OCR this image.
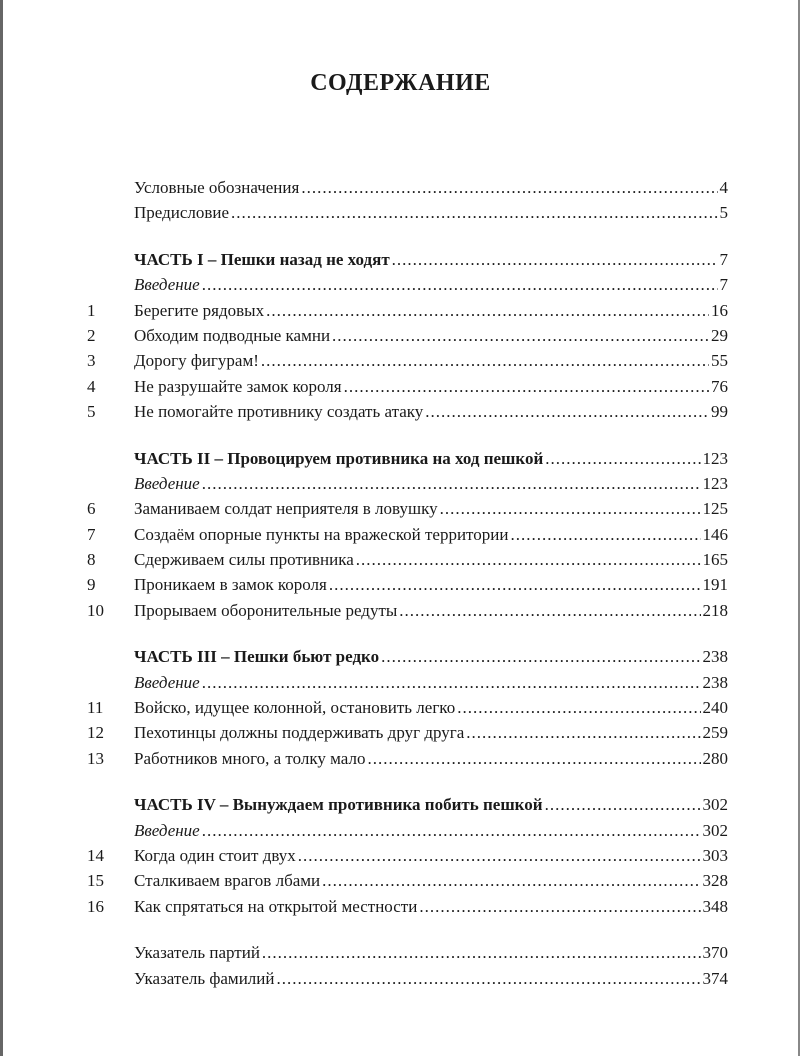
СОДЕРЖАНИЕ
Условные обозначения .....	4
Предисловие .....	5
ЧАСТЬ I – Пешки назад не ходят .....	7
Введение .....	7
1	Берегите рядовых .....	16
2	Обходим подводные камни .....	29
3	Дорогу фигурам! .....	55
4	Не разрушайте замок короля .....	76
5	Не помогайте противнику создать атаку .....	99
ЧАСТЬ II – Провоцируем противника на ход пешкой .....	123
Введение .....	123
6	Заманиваем солдат неприятеля в ловушку .....	125
7	Создаём опорные пункты на вражеской территории .....	146
8	Сдерживаем силы противника .....	165
9	Проникаем в замок короля .....	191
10	Прорываем оборонительные редуты .....	218
ЧАСТЬ III – Пешки бьют редко .....	238
Введение .....	238
11	Войско, идущее колонной, остановить легко .....	240
12	Пехотинцы должны поддерживать друг друга .....	259
13	Работников много, а толку мало .....	280
ЧАСТЬ IV – Вынуждаем противника побить пешкой .....	302
Введение .....	302
14	Когда один стоит двух .....	303
15	Сталкиваем врагов лбами .....	328
16	Как спрятаться на открытой местности .....	348
Указатель партий .....	370
Указатель фамилий .....	374
